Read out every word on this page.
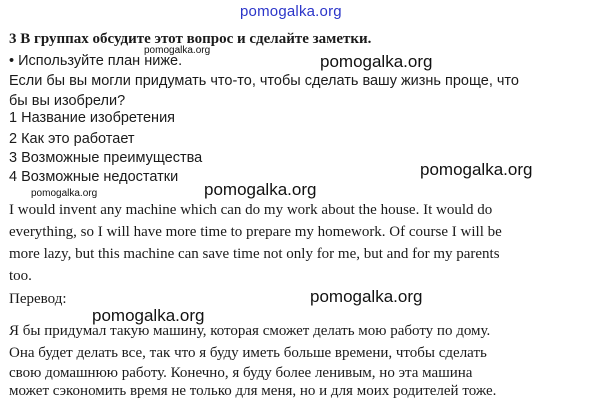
pomogalka.org
3 В группах обсудите этот вопрос и сделайте заметки.
pomogalka.org
• Используйте план ниже.	pomogalka.org
Если бы вы могли придумать что-то, чтобы сделать вашу жизнь проще, что
бы вы изобрели?
1 Название изобретения
2 Как это работает
3 Возможные преимущества
4 Возможные недостатки	pomogalka.org
pomogalka.org	pomogalka.org
I would invent any machine which can do my work about the house. It would do
everything, so I will have more time to prepare my homework. Of course I will be
more lazy, but this machine can save time not only for me, but and for my parents
too.
Перевод:	pomogalka.org
pomogalka.org
Я бы придумал такую машину, которая сможет делать мою работу по дому.
Она будет делать все, так что я буду иметь больше времени, чтобы сделать
свою домашнюю работу. Конечно, я буду более ленивым, но эта машина
может сэкономить время не только для меня, но и для моих родителей тоже.
